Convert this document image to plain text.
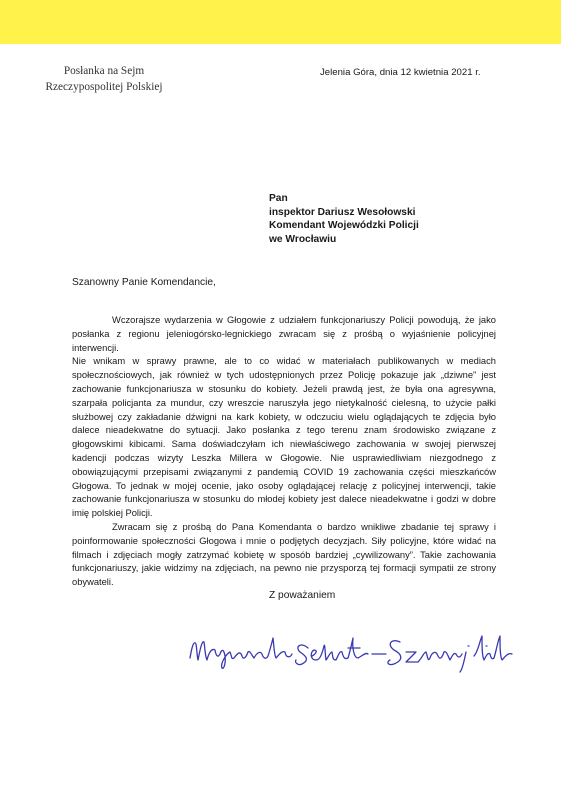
Posłanka na Sejm
Rzeczypospolitej Polskiej
Jelenia Góra, dnia 12 kwietnia 2021 r.
Pan
inspektor Dariusz Wesołowski
Komendant Wojewódzki Policji
we Wrocławiu
Szanowny Panie Komendancie,

Wczorajsze wydarzenia w Głogowie z udziałem funkcjonariuszy Policji powodują, że jako posłanka z regionu jeleniogórsko-legnickiego zwracam się z prośbą o wyjaśnienie policyjnej interwencji.

Nie wnikam w sprawy prawne, ale to co widać w materiałach publikowanych w mediach społecznościowych, jak również w tych udostępnionych przez Policję pokazuje jak „dziwne” jest zachowanie funkcjonariusza w stosunku do kobiety. Jeżeli prawdą jest, że była ona agresywna, szarpała policjanta za mundur, czy wreszcie naruszyła jego nietykalność cielesną, to użycie pałki służbowej czy zakładanie dźwigni na kark kobiety, w odczuciu wielu oglądających te zdjęcia było dalece nieadekwatne do sytuacji. Jako posłanka z tego terenu znam środowisko związane z głogowskimi kibicami. Sama doświadczyłam ich niewłaściwego zachowania w swojej pierwszej kadencji podczas wizyty Leszka Millera w Głogowie. Nie usprawiedliwiam niezgodnego z obowiązującymi przepisami związanymi z pandemią COVID 19 zachowania części mieszkańców Głogowa. To jednak w mojej ocenie, jako osoby oglądającej relację z policyjnej interwencji, takie zachowanie funkcjonariusza w stosunku do młodej kobiety jest dalece nieadekwatne i godzi w dobre imię polskiej Policji.

Zwracam się z prośbą do Pana Komendanta o bardzo wnikliwe zbadanie tej sprawy i poinformowanie społeczności Głogowa i mnie o podjętych decyzjach. Siły policyjne, które widać na filmach i zdjęciach mogły zatrzymać kobietę w sposób bardziej „cywilizowany”. Takie zachowania funkcjonariuszy, jakie widzimy na zdjęciach, na pewno nie przysporzą tej formacji sympatii ze strony obywateli.

Z poważaniem
